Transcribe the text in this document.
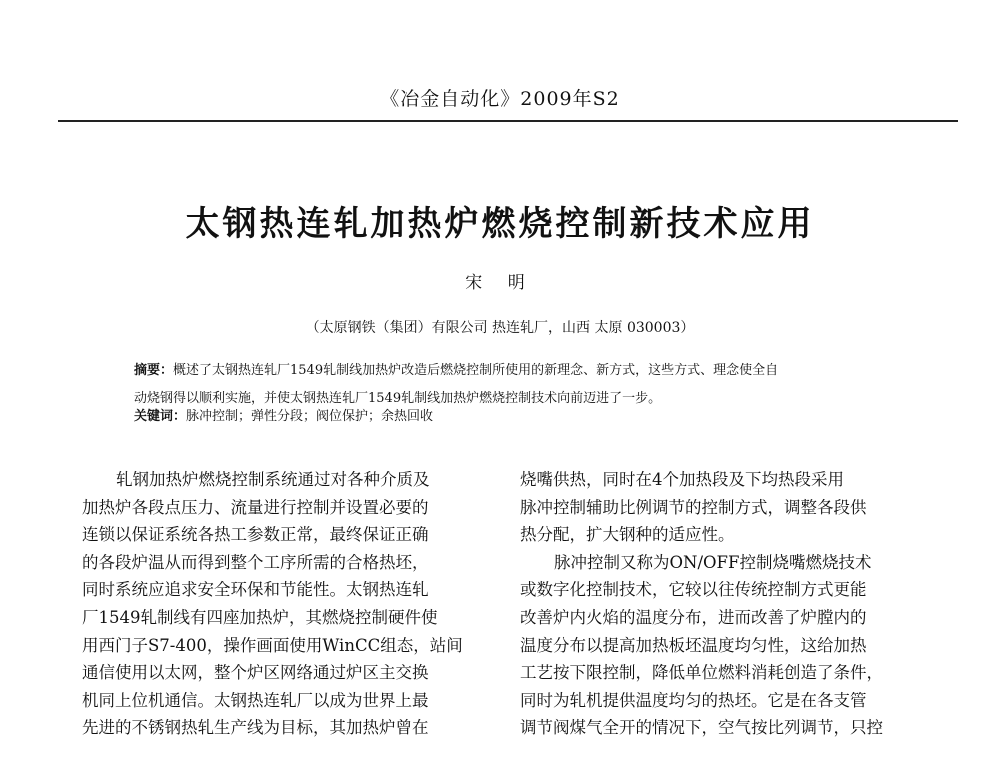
《冶金自动化》2009年S2
太钢热连轧加热炉燃烧控制新技术应用
宋 明
（太原钢铁（集团）有限公司 热连轧厂，山西 太原 030003）
摘要：概述了太钢热连轧厂1549轧制线加热炉改造后燃烧控制所使用的新理念、新方式，这些方式、理念使全自
动烧钢得以顺利实施，并使太钢热连轧厂1549轧制线加热炉燃烧控制技术向前迈进了一步。
关键词：脉冲控制；弹性分段；阀位保护；余热回收
轧钢加热炉燃烧控制系统通过对各种介质及
加热炉各段点压力、流量进行控制并设置必要的
连锁以保证系统各热工参数正常，最终保证正确
的各段炉温从而得到整个工序所需的合格热坯，
同时系统应追求安全环保和节能性。太钢热连轧
厂1549轧制线有四座加热炉，其燃烧控制硬件使
用西门子S7-400，操作画面使用WinCC组态，站间
通信使用以太网，整个炉区网络通过炉区主交换
机同上位机通信。太钢热连轧厂以成为世界上最
先进的不锈钢热轧生产线为目标，其加热炉曾在
烧嘴供热，同时在4个加热段及下均热段采用
脉冲控制辅助比例调节的控制方式，调整各段供
热分配，扩大钢种的适应性。
脉冲控制又称为ON/OFF控制烧嘴燃烧技术
或数字化控制技术，它较以往传统控制方式更能
改善炉内火焰的温度分布，进而改善了炉膛内的
温度分布以提高加热板坯温度均匀性，这给加热
工艺按下限控制，降低单位燃料消耗创造了条件，
同时为轧机提供温度均匀的热坯。它是在各支管
调节阀煤气全开的情况下，空气按比列调节，只控
